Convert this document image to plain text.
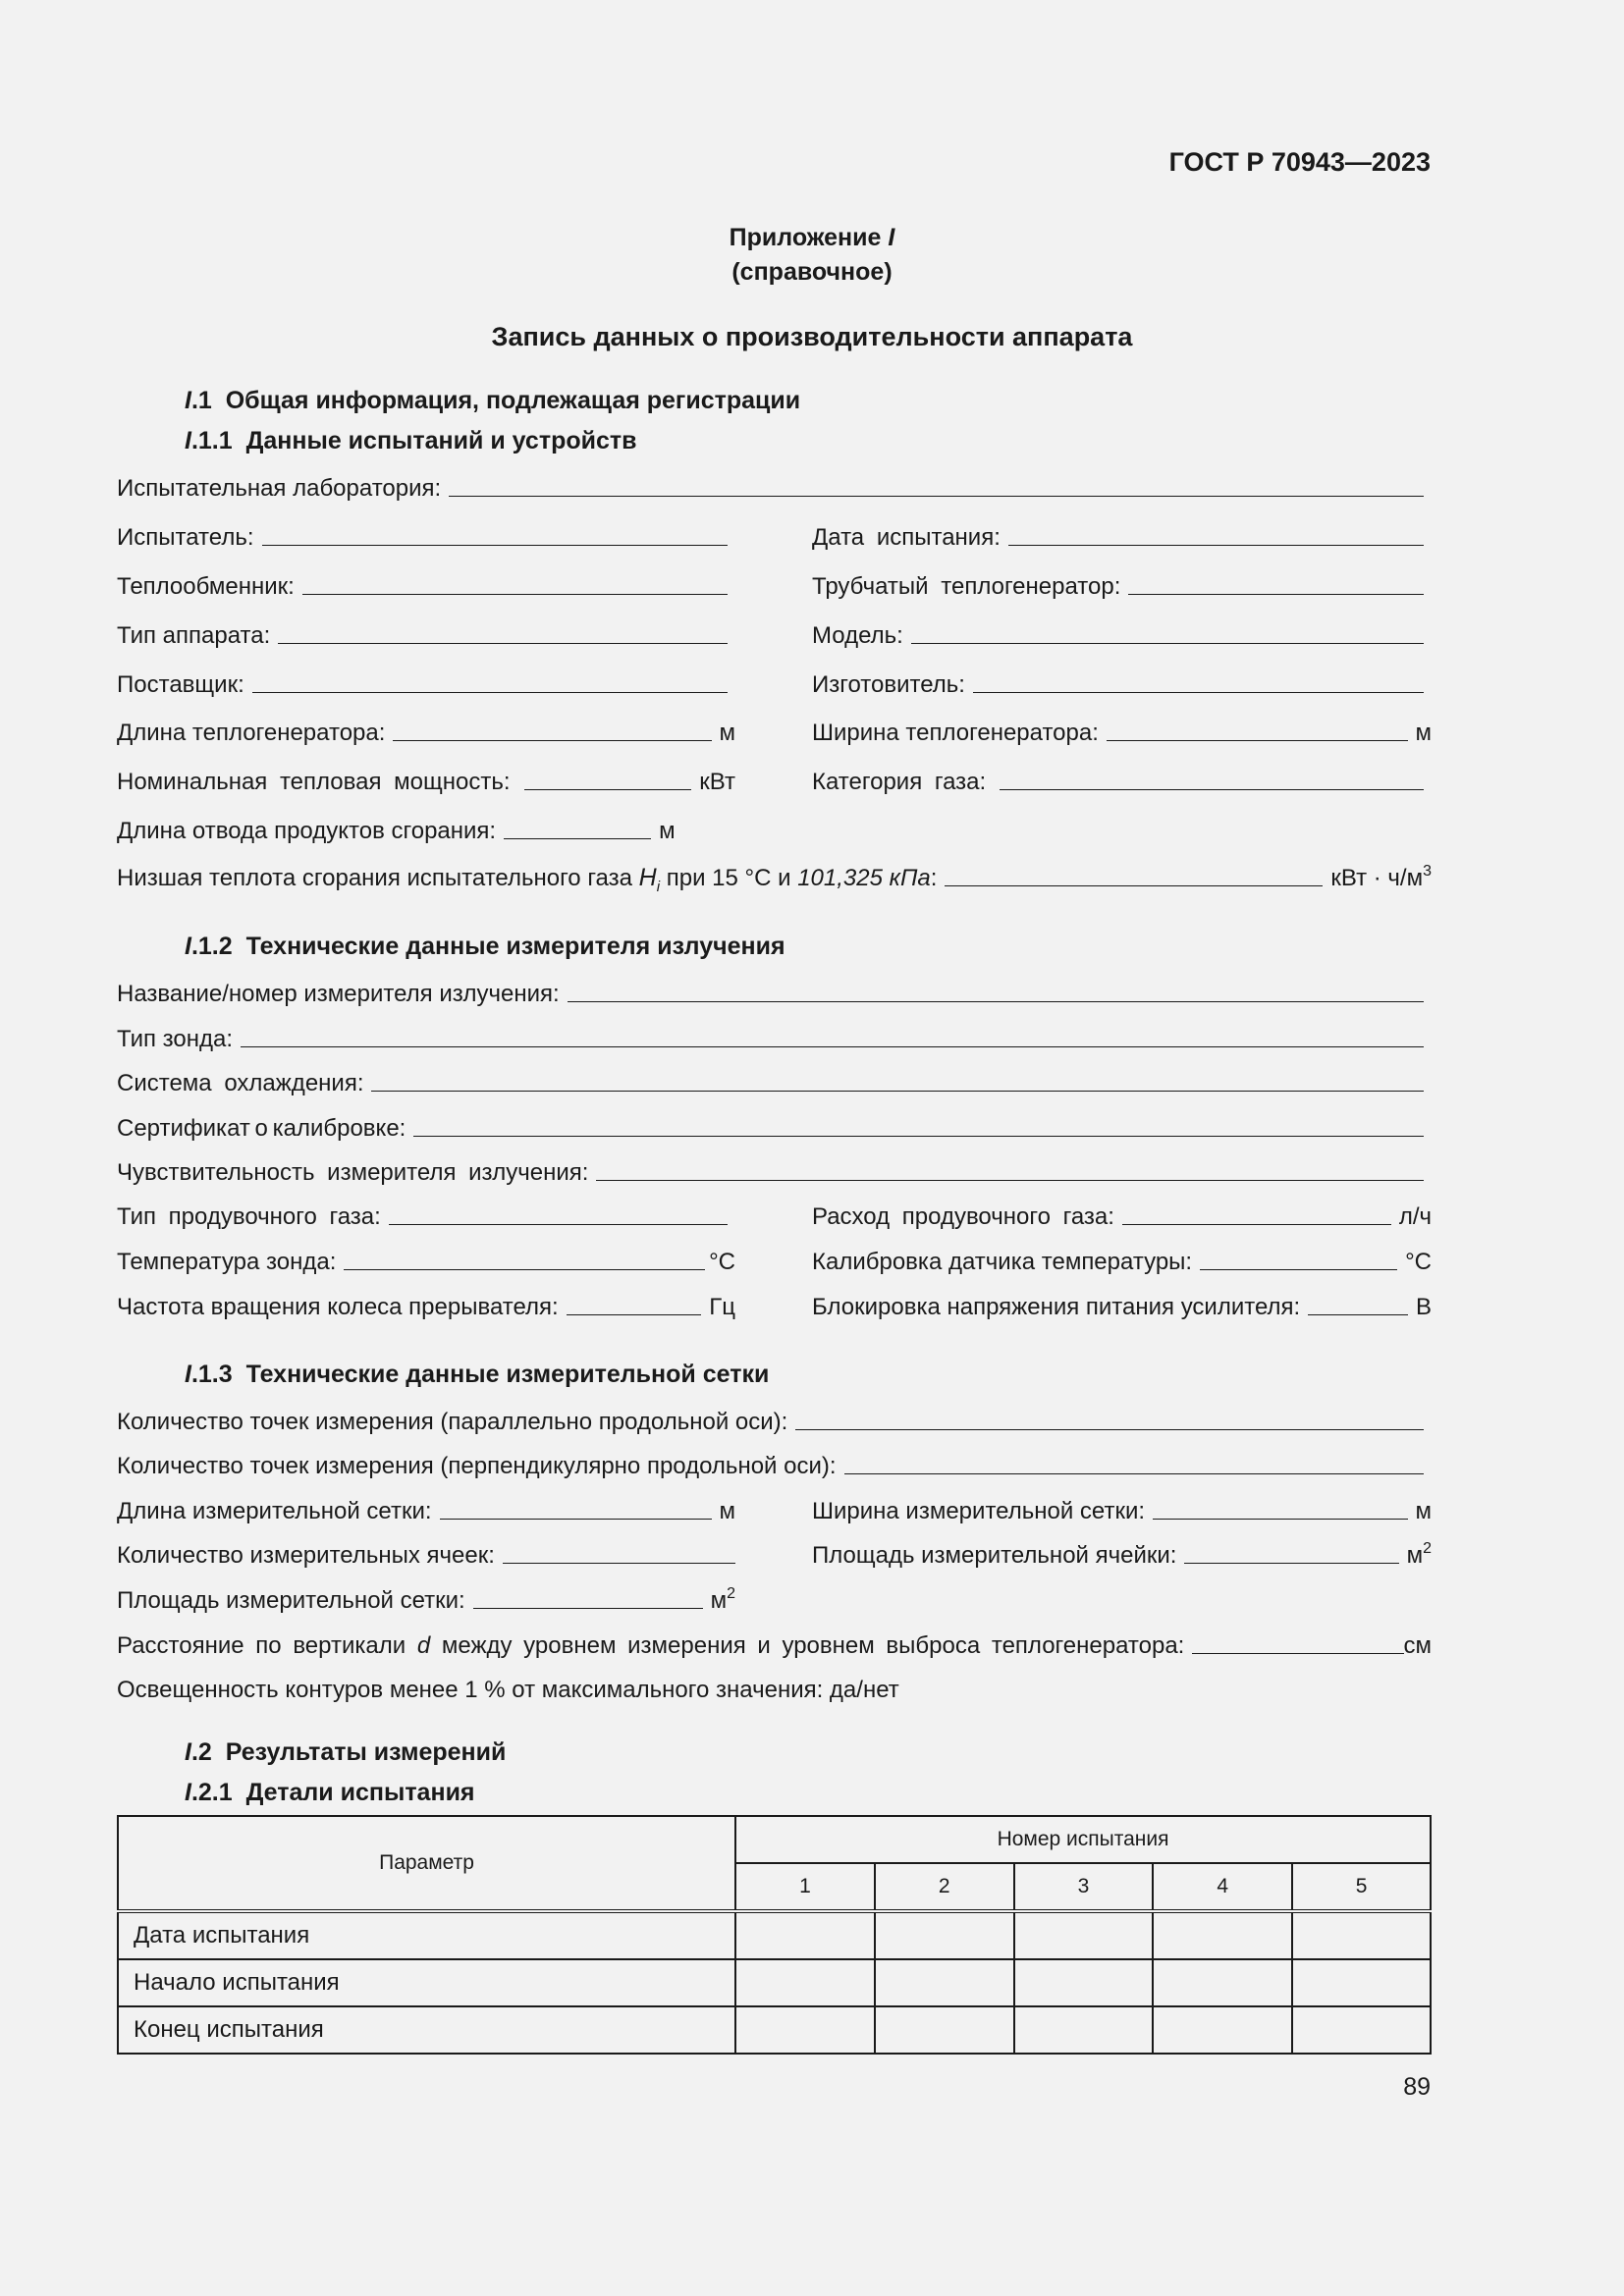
ГОСТ Р 70943—2023
Приложение I
(справочное)
Запись данных о производительности аппарата
I.1 Общая информация, подлежащая регистрации
I.1.1 Данные испытаний и устройств
Испытательная лаборатория:
Испытатель:	Дата испытания:
Теплообменник:	Трубчатый теплогенератор:
Тип аппарата:	Модель:
Поставщик:	Изготовитель:
Длина теплогенератора:	м	Ширина теплогенератора:	м
Номинальная тепловая мощность:	кВт	Категория газа:
Длина отвода продуктов сгорания:	м
Низшая теплота сгорания испытательного газа $H_i$ при 15 °С и 101,325 кПа:	кВт · $ч/м^3$
I.1.2 Технические данные измерителя излучения
Название/номер измерителя излучения:
Тип зонда:
Система охлаждения:
Сертификат о калибровке:
Чувствительность измерителя излучения:
Тип продувочного газа:	Расход продувочного газа:	л/ч
Температура зонда:	°С	Калибровка датчика температуры:	°С
Частота вращения колеса прерывателя:	Гц	Блокировка напряжения питания усилителя:	В
I.1.3 Технические данные измерительной сетки
Количество точек измерения (параллельно продольной оси):
Количество точек измерения (перпендикулярно продольной оси):
Длина измерительной сетки:	м	Ширина измерительной сетки:	м
Количество измерительных ячеек:	Площадь измерительной ячейки:	$м^2$
Площадь измерительной сетки:	$м^2$
Расстояние по вертикали d между уровнем измерения и уровнем выброса теплогенератора:	см
Освещенность контуров менее 1 % от максимального значения: да/нет
I.2 Результаты измерений
I.2.1 Детали испытания
Параметр	Номер испытания				
	1	2	3	4	5
Дата испытания					
Начало испытания					
Конец испытания					
89
